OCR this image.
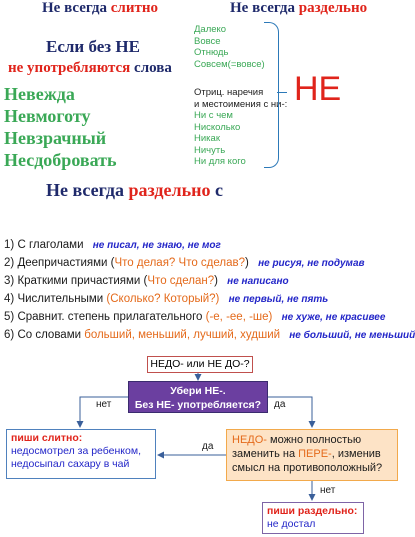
Не всегда слитно	Не всегда раздельно
Если без НЕ
не употребляются слова
Невежда
Невмоготу
Невзрачный
Несдобровать
Далеко
Вовсе
Отнюдь
Совсем(=вовсе)
Отриц. наречия
и местоимения с ни-:
Ни с чем
Нисколько
Никак
Ничуть
Ни для кого
НЕ
Не всегда раздельно с
1) С глаголами не писал, не знаю, не мог
2) Деепричастиями (Что делая? Что сделав?) не рисуя, не подумав
3) Краткими причастиями (Что сделан?) не написано
4) Числительными (Сколько? Который?) не первый, не пять
5) Сравнит. степень прилагательного (-е, -ее, -ше) не хуже, не красивее
6) Со словами больший, меньший, лучший, худший не больший, не меньший
НЕДО- или НЕ ДО-?
Убери НЕ-.
Без НЕ- употребляется?
нет	да
пиши слитно:
недосмотрел за ребенком, недосыпал сахару в чай
да
НЕДО- можно полностью заменить на ПЕРЕ-, изменив смысл на противоположный?
нет
пиши раздельно:
не достал
